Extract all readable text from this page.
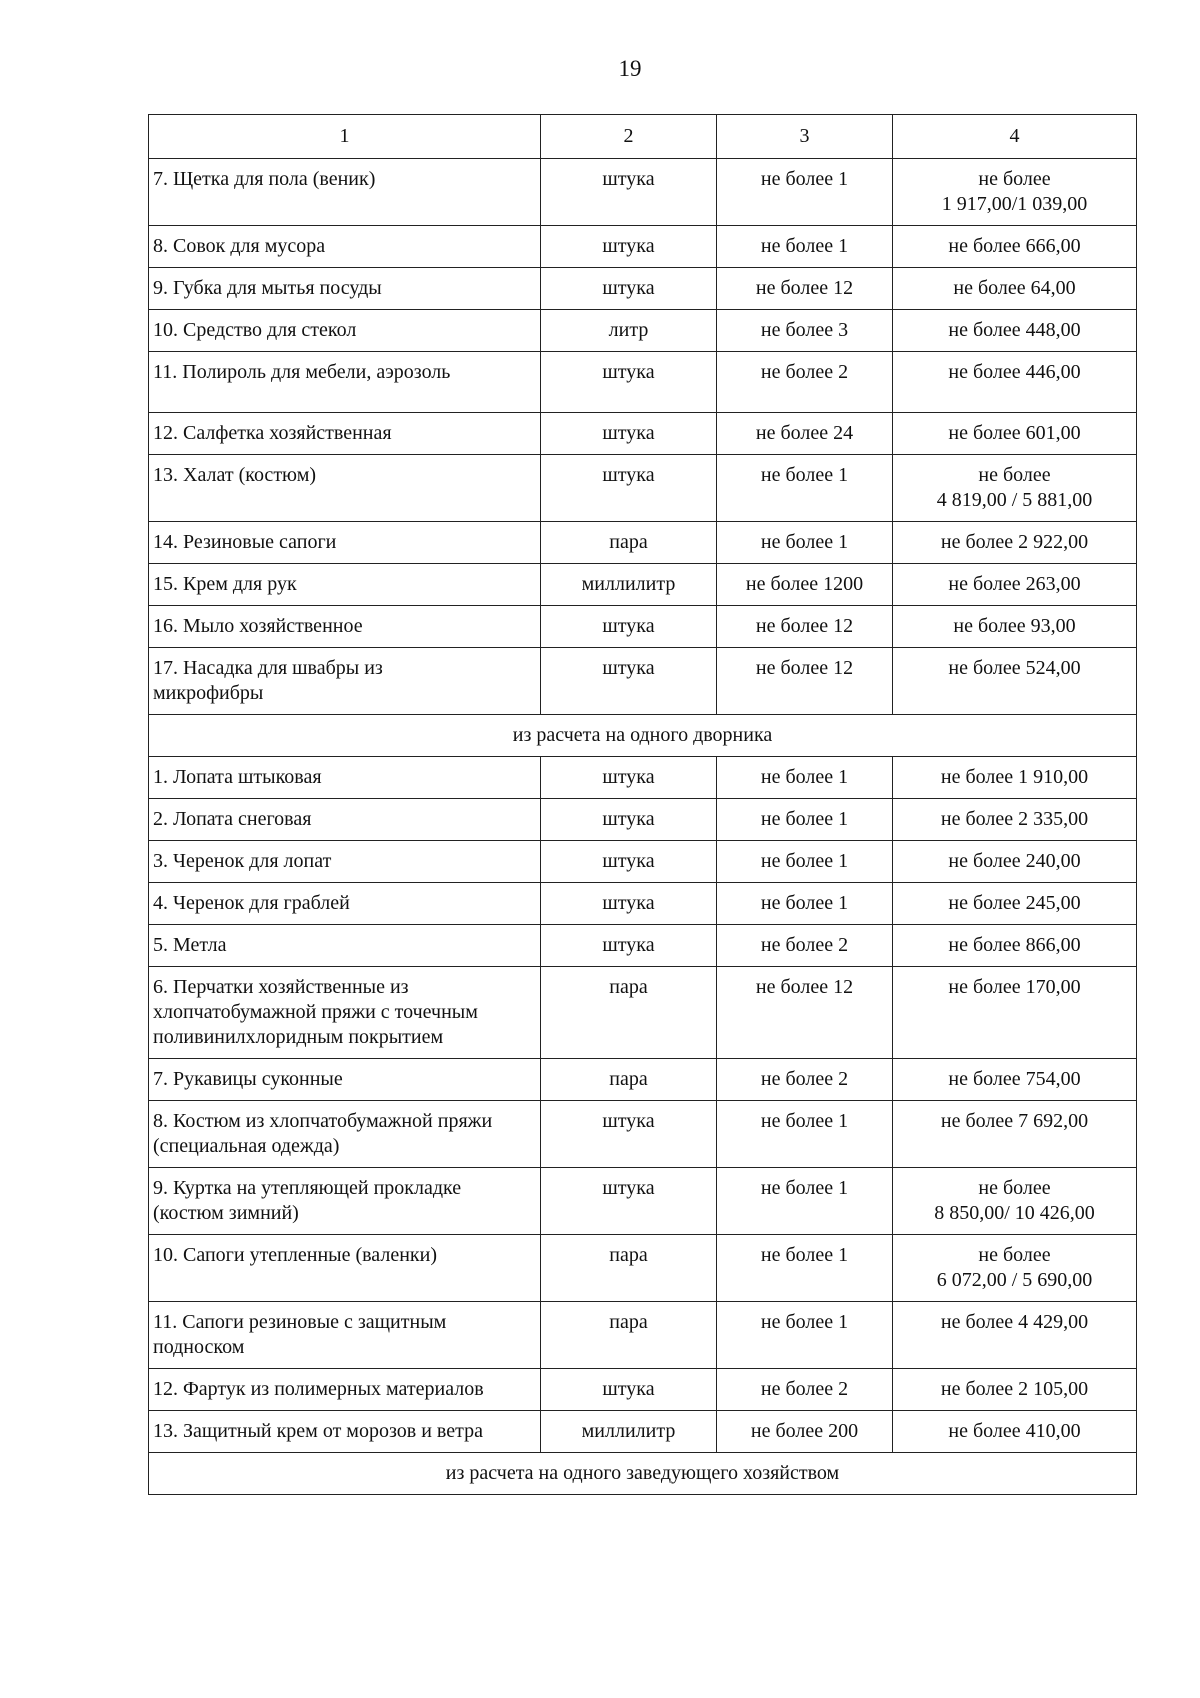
19
1	2	3	4
7. Щетка для пола (веник)	штука	не более 1	не более
1 917,00/1 039,00
8. Совок для мусора	штука	не более 1	не более 666,00
9. Губка для мытья посуды	штука	не более 12	не более 64,00
10. Средство для стекол	литр	не более 3	не более 448,00
11. Полироль для мебели, аэрозоль	штука	не более 2	не более 446,00
12. Салфетка хозяйственная	штука	не более 24	не более 601,00
13. Халат (костюм)	штука	не более 1	не более
4 819,00 / 5 881,00
14. Резиновые сапоги	пара	не более 1	не более 2 922,00
15. Крем для рук	миллилитр	не более 1200	не более 263,00
16. Мыло хозяйственное	штука	не более 12	не более 93,00
17. Насадка для швабры из
микрофибры	штука	не более 12	не более 524,00
из расчета на одного дворника			
1. Лопата штыковая	штука	не более 1	не более 1 910,00
2. Лопата снеговая	штука	не более 1	не более 2 335,00
3. Черенок для лопат	штука	не более 1	не более 240,00
4. Черенок для граблей	штука	не более 1	не более 245,00
5. Метла	штука	не более 2	не более 866,00
6. Перчатки хозяйственные из
хлопчатобумажной пряжи с точечным
поливинилхлоридным покрытием	пара	не более 12	не более 170,00
7. Рукавицы суконные	пара	не более 2	не более 754,00
8. Костюм из хлопчатобумажной пряжи
(специальная одежда)	штука	не более 1	не более 7 692,00
9. Куртка на утепляющей прокладке
(костюм зимний)	штука	не более 1	не более
8 850,00/ 10 426,00
10. Сапоги утепленные (валенки)	пара	не более 1	не более
6 072,00 / 5 690,00
11. Сапоги резиновые с защитным
подноском	пара	не более 1	не более 4 429,00
12. Фартук из полимерных материалов	штука	не более 2	не более 2 105,00
13. Защитный крем от морозов и ветра	миллилитр	не более 200	не более 410,00
из расчета на одного заведующего хозяйством			
